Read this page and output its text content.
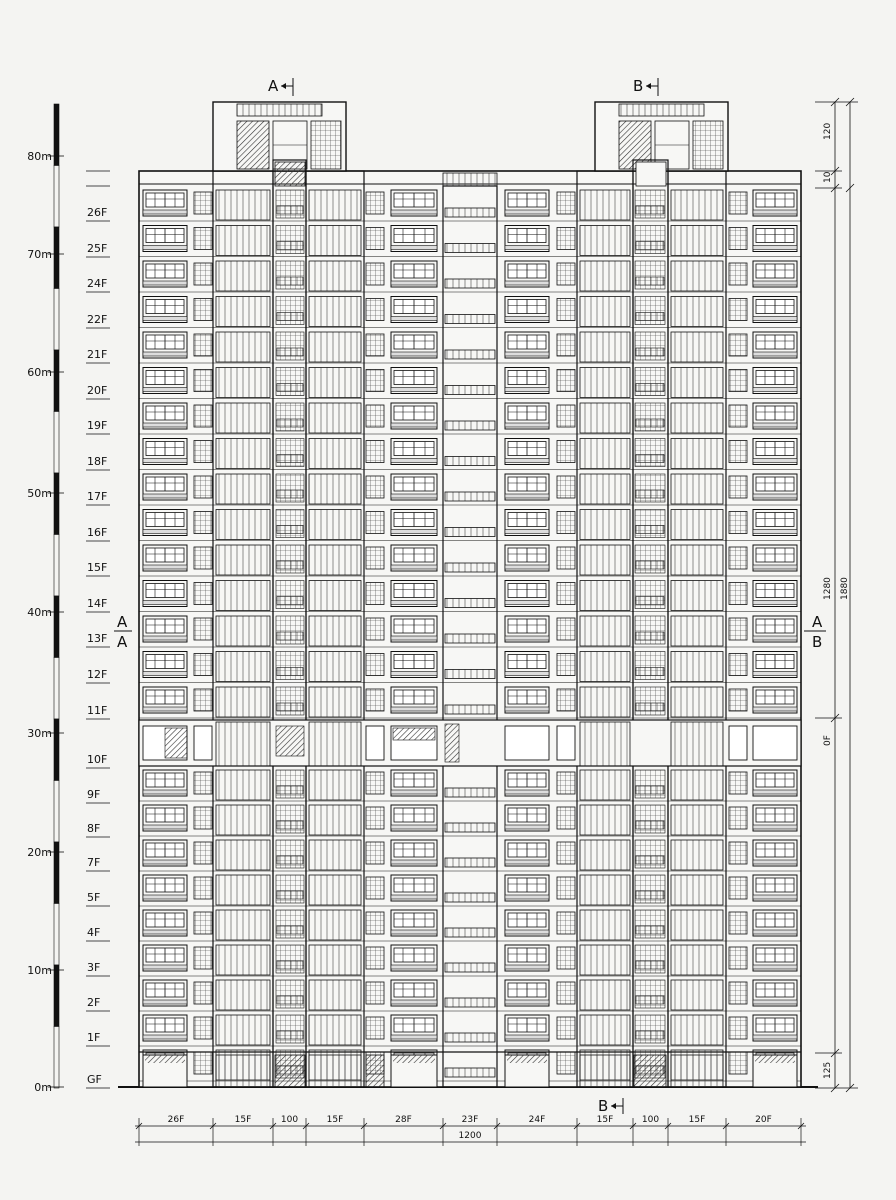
80m
70m
60m
50m
40m
30m
20m
10m
0m
26F
25F
24F
22F
21F
20F
19F
18F
17F
16F
15F
14F
13F
12F
11F
10F
9F
8F
7F
5F
4F
3F
2F
1F
GF
A	B
B
A
A
A
B
120
10
1280 1880
0F
125
1200
26F	15F	100	15F	28F	23F	24F	15F	100	15F	20F
